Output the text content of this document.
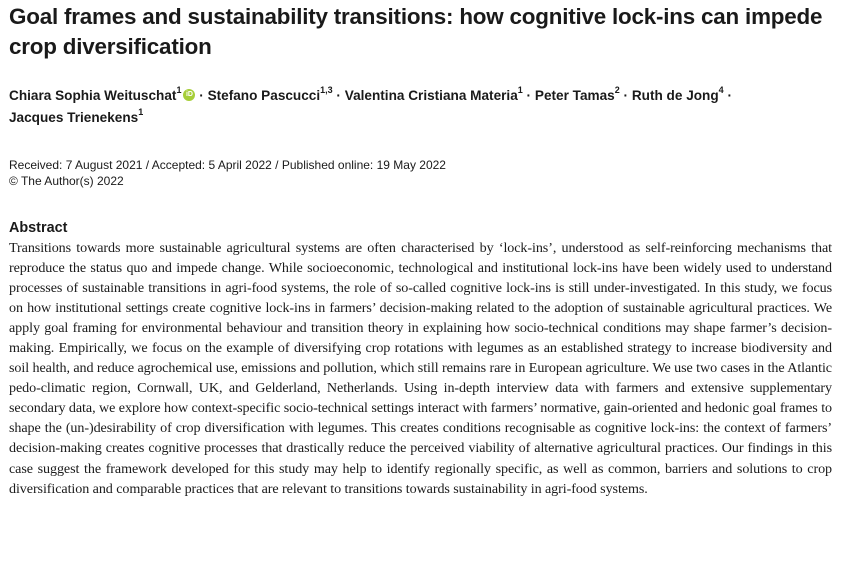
Goal frames and sustainability transitions: how cognitive lock-ins can impede crop diversification
Chiara Sophia Weituschat$^1$iD · Stefano Pascucci$^{1,3}$ · Valentina Cristiana Materia$^1$ · Peter Tamas$^2$ · Ruth de Jong$^4$ ·
Jacques Trienekens$^1$
Received: 7 August 2021 / Accepted: 5 April 2022 / Published online: 19 May 2022
© The Author(s) 2022
Abstract

Transitions towards more sustainable agricultural systems are often characterised by ‘lock-ins’, understood as self-reinforcing mechanisms that reproduce the status quo and impede change. While socioeconomic, technological and institutional lock-ins have been widely used to understand processes of sustainable transitions in agri-food systems, the role of so-called cognitive lock-ins is still under-investigated. In this study, we focus on how institutional settings create cognitive lock-ins in farmers’ decision-making related to the adoption of sustainable agricultural practices. We apply goal framing for environmental behaviour and transition theory in explaining how socio-technical conditions may shape farmer’s decision-making. Empirically, we focus on the example of diversifying crop rotations with legumes as an established strategy to increase biodiversity and soil health, and reduce agrochemical use, emissions and pollution, which still remains rare in European agriculture. We use two cases in the Atlantic pedo-climatic region, Cornwall, UK, and Gelderland, Netherlands. Using in-depth interview data with farmers and extensive supplementary secondary data, we explore how context-specific socio-technical settings interact with farmers’ normative, gain-oriented and hedonic goal frames to shape the (un-)desirability of crop diversification with legumes. This creates conditions recognisable as cognitive lock-ins: the context of farmers’ decision-making creates cognitive processes that drastically reduce the perceived viability of alternative agricultural practices. Our findings in this case suggest the framework developed for this study may help to identify regionally specific, as well as common, barriers and solutions to crop diversification and comparable practices that are relevant to transitions towards sustainability in agri-food systems.
